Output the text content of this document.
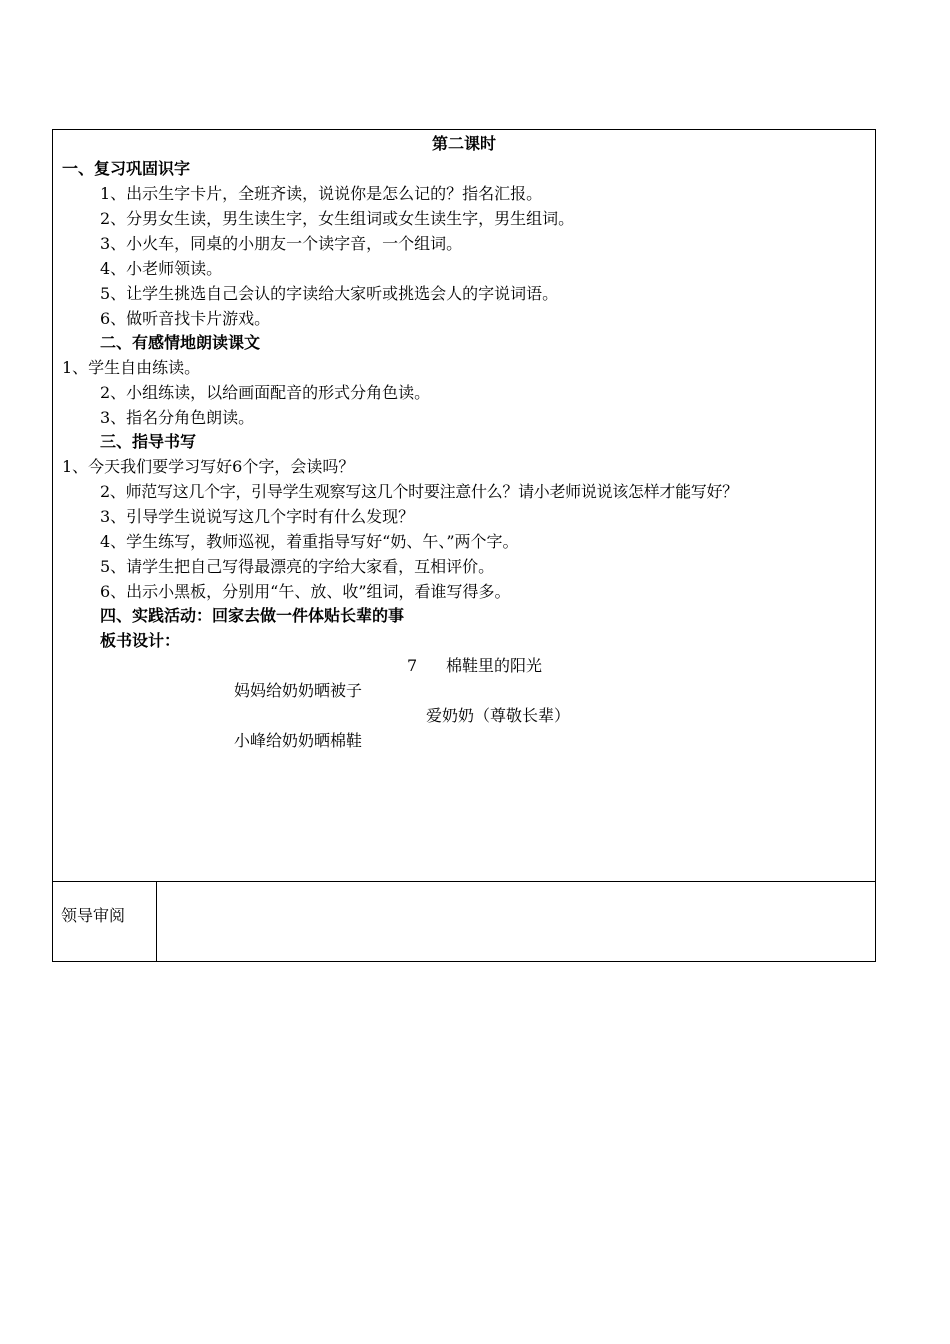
第二课时
一、复习巩固识字
1、出示生字卡片，全班齐读，说说你是怎么记的？指名汇报。
2、分男女生读，男生读生字，女生组词或女生读生字，男生组词。
3、小火车，同桌的小朋友一个读字音，一个组词。
4、小老师领读。
5、让学生挑选自己会认的字读给大家听或挑选会人的字说词语。
6、做听音找卡片游戏。
二、有感情地朗读课文
1、学生自由练读。
2、小组练读，以给画面配音的形式分角色读。
3、指名分角色朗读。
三、指导书写
1、今天我们要学习写好6个字，会读吗？
2、师范写这几个字，引导学生观察写这几个时要注意什么？请小老师说说该怎样才能写好？
3、引导学生说说写这几个字时有什么发现？
4、学生练写，教师巡视，着重指导写好“奶、午、”两个字。
5、请学生把自己写得最漂亮的字给大家看，互相评价。
6、出示小黑板，分别用“午、放、收”组词，看谁写得多。
四、实践活动：回家去做一件体贴长辈的事
板书设计：
7 棉鞋里的阳光
妈妈给奶奶晒被子
爱奶奶（尊敬长辈）
小峰给奶奶晒棉鞋
领导审阅
